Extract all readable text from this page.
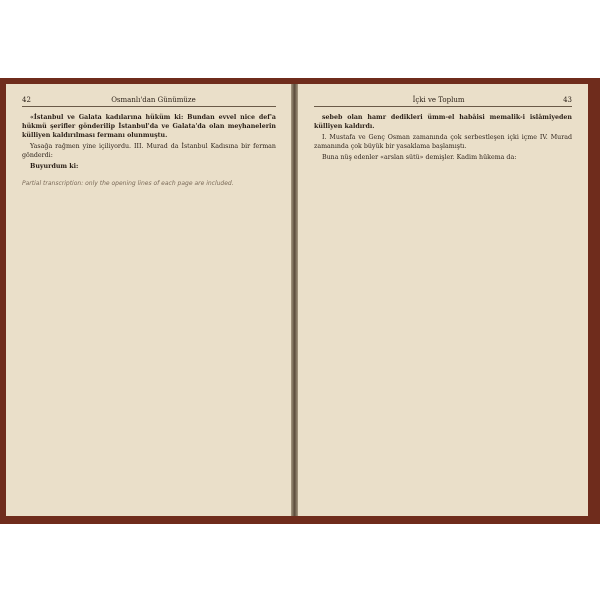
42	Osmanlı'dan Günümüze

«İstanbul ve Galata kadılarına hüküm ki: Bundan evvel nice def'a hükmü şerifler gönderilip İstanbul'da ve Galata'da olan meyhanelerin külliyen kaldırılması fermanı olunmuştu.

Yasağa rağmen yine içiliyordu. III. Murad da İstanbul Kadısına bir ferman gönderdi:

Buyurdum ki:

Partial transcription: only the opening lines of each page are included.
İçki ve Toplum	43

sebeb olan hamr dedikleri ümm-el habâisi memalik-i islâmiyeden külliyen kaldırdı.

I. Mustafa ve Genç Osman zamanında çok serbestleşen içki içme IV. Murad zamanında çok büyük bir yasaklama başlamıştı.

Buna nüş edenler «arslan sütü» demişler. Kadim hükema da:
